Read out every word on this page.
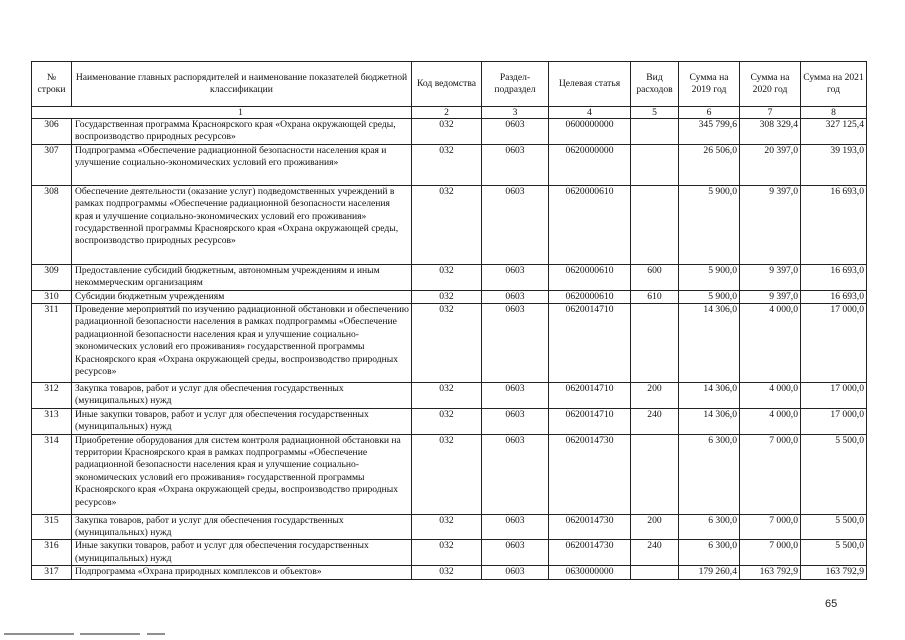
№ строки	Наименование главных распорядителей и наименование показателей бюджетной классификации	Код ведомства	Раздел-подраздел	Целевая статья	Вид расходов	Сумма на 2019 год	Сумма на 2020 год	Сумма на 2021 год
1		2	3	4	5	6	7	8
306	Государственная программа Красноярского края «Охрана окружающей среды, воспроизводство природных ресурсов»	032	0603	0600000000		345 799,6	308 329,4	327 125,4
307	Подпрограмма «Обеспечение радиационной безопасности населения края и улучшение социально-экономических условий его проживания»	032	0603	0620000000		26 506,0	20 397,0	39 193,0
308	Обеспечение деятельности (оказание услуг) подведомственных учреждений в рамках подпрограммы «Обеспечение радиационной безопасности населения края и улучшение социально-экономических условий его проживания» государственной программы Красноярского края «Охрана окружающей среды, воспроизводство природных ресурсов»	032	0603	0620000610		5 900,0	9 397,0	16 693,0
309	Предоставление субсидий бюджетным, автономным учреждениям и иным некоммерческим организациям	032	0603	0620000610	600	5 900,0	9 397,0	16 693,0
310	Субсидии бюджетным учреждениям	032	0603	0620000610	610	5 900,0	9 397,0	16 693,0
311	Проведение мероприятий по изучению радиационной обстановки и обеспечению радиационной безопасности населения в рамках подпрограммы «Обеспечение радиационной безопасности населения края и улучшение социально-экономических условий его проживания» государственной программы Красноярского края «Охрана окружающей среды, воспроизводство природных ресурсов»	032	0603	0620014710		14 306,0	4 000,0	17 000,0
312	Закупка товаров, работ и услуг для обеспечения государственных (муниципальных) нужд	032	0603	0620014710	200	14 306,0	4 000,0	17 000,0
313	Иные закупки товаров, работ и услуг для обеспечения государственных (муниципальных) нужд	032	0603	0620014710	240	14 306,0	4 000,0	17 000,0
314	Приобретение оборудования для систем контроля радиационной обстановки на территории Красноярского края в рамках подпрограммы «Обеспечение радиационной безопасности населения края и улучшение социально-экономических условий его проживания» государственной программы Красноярского края «Охрана окружающей среды, воспроизводство природных ресурсов»	032	0603	0620014730		6 300,0	7 000,0	5 500,0
315	Закупка товаров, работ и услуг для обеспечения государственных (муниципальных) нужд	032	0603	0620014730	200	6 300,0	7 000,0	5 500,0
316	Иные закупки товаров, работ и услуг для обеспечения государственных (муниципальных) нужд	032	0603	0620014730	240	6 300,0	7 000,0	5 500,0
317	Подпрограмма «Охрана природных комплексов и объектов»	032	0603	0630000000		179 260,4	163 792,9	163 792,9
65
